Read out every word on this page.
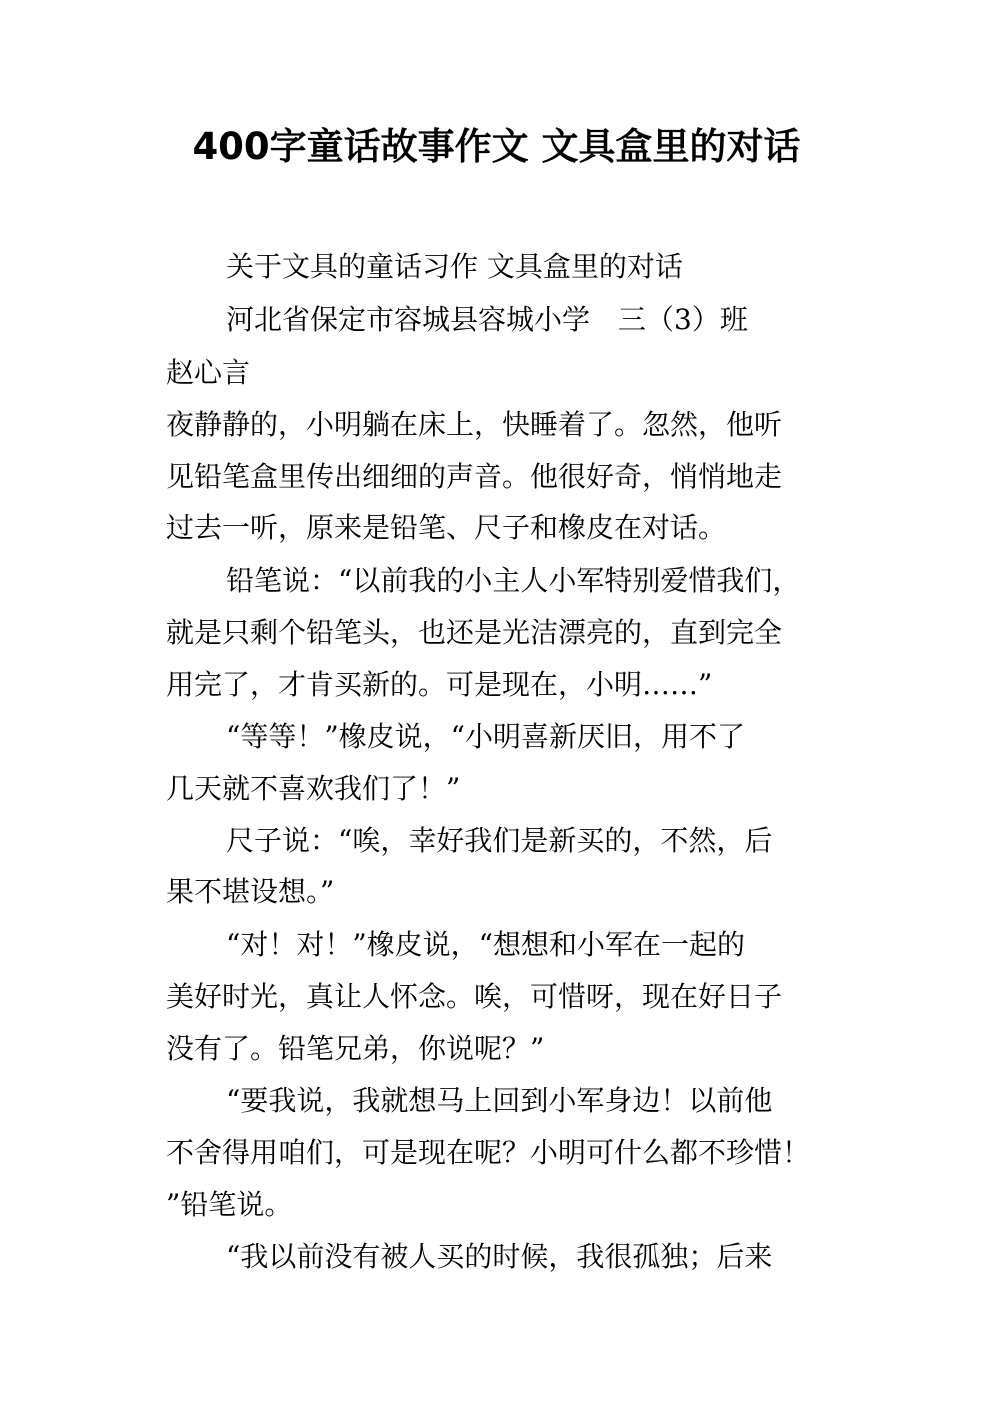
400字童话故事作文 文具盒里的对话
关于文具的童话习作 文具盒里的对话
河北省保定市容城县容城小学　三（3）班
赵心言
夜静静的，小明躺在床上，快睡着了。忽然，他听
见铅笔盒里传出细细的声音。他很好奇，悄悄地走
过去一听，原来是铅笔、尺子和橡皮在对话。
铅笔说：“以前我的小主人小军特别爱惜我们，
就是只剩个铅笔头，也还是光洁漂亮的，直到完全
用完了，才肯买新的。可是现在，小明……”
“等等！”橡皮说，“小明喜新厌旧，用不了
几天就不喜欢我们了！”
尺子说：“唉，幸好我们是新买的，不然，后
果不堪设想。”
“对！对！”橡皮说，“想想和小军在一起的
美好时光，真让人怀念。唉，可惜呀，现在好日子
没有了。铅笔兄弟，你说呢？”
“要我说，我就想马上回到小军身边！以前他
不舍得用咱们，可是现在呢？小明可什么都不珍惜！
”铅笔说。
“我以前没有被人买的时候，我很孤独；后来
